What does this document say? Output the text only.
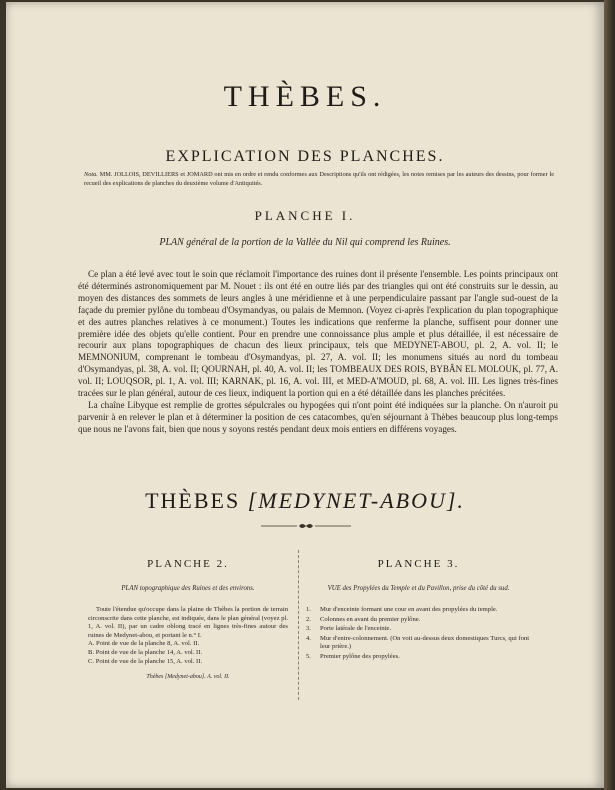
THÈBES.
EXPLICATION DES PLANCHES.
Nota. MM. JOLLOIS, DEVILLIERS et JOMARD ont mis en ordre et rendu conformes aux Descriptions qu'ils ont rédigées, les notes remises par les auteurs des dessins, pour former le recueil des explications de planches du deuxième volume d'Antiquités.
PLANCHE I.
PLAN général de la portion de la Vallée du Nil qui comprend les Ruines.

Ce plan a été levé avec tout le soin que réclamoit l'importance des ruines dont il présente l'ensemble. Les points principaux ont été déterminés astronomiquement par M. Nouet : ils ont été en outre liés par des triangles qui ont été construits sur le dessin, au moyen des distances des sommets de leurs angles à une méridienne et à une perpendiculaire passant par l'angle sud-ouest de la façade du premier pylône du tombeau d'Osymandyas, ou palais de Memnon. (Voyez ci-après l'explication du plan topographique et des autres planches relatives à ce monument.) Toutes les indications que renferme la planche, suffisent pour donner une première idée des objets qu'elle contient. Pour en prendre une connoissance plus ample et plus détaillée, il est nécessaire de recourir aux plans topographiques de chacun des lieux principaux, tels que MEDYNET-ABOU, pl. 2, A. vol. II; le MEMNONIUM, comprenant le tombeau d'Osymandyas, pl. 27, A. vol. II; les monumens situés au nord du tombeau d'Osymandyas, pl. 38, A. vol. II; QOURNAH, pl. 40, A. vol. II; les TOMBEAUX DES ROIS, BYBÂN EL MOLOUK, pl. 77, A. vol. II; LOUQSOR, pl. 1, A. vol. III; KARNAK, pl. 16, A. vol. III, et MED-A'MOUD, pl. 68, A. vol. III. Les lignes très-fines tracées sur le plan général, autour de ces lieux, indiquent la portion qui en a été détaillée dans les planches précitées.

La chaîne Libyque est remplie de grottes sépulcrales ou hypogées qui n'ont point été indiquées sur la planche. On n'auroit pu parvenir à en relever le plan et à déterminer la position de ces catacombes, qu'en séjournant à Thèbes beaucoup plus long-temps que nous ne l'avons fait, bien que nous y soyons restés pendant deux mois entiers en différens voyages.

THÈBES [MEDYNET-ABOU].
PLANCHE 2.
PLAN topographique des Ruines et des environs.

Toute l'étendue qu'occupe dans la plaine de Thèbes la portion de terrain circonscrite dans cette planche, est indiquée, dans le plan général (voyez pl. 1, A. vol. II), par un cadre oblong tracé en lignes très-fines autour des ruines de Medynet-abou, et portant le n.° I.

A. Point de vue de la planche 8, A. vol. II.

B. Point de vue de la planche 14, A. vol. II.

C. Point de vue de la planche 15, A. vol. II.

Thèbes [Medynet-abou]. A. vol. II.
PLANCHE 3.
VUE des Propylées du Temple et du Pavillon, prise du côté du sud.
1.	Mur d'enceinte formant une cour en avant des propylées du temple.
2.	Colonnes en avant du premier pylône.
3.	Porte latérale de l'enceinte.
4.	Mur d'entre-colonnement. (On voit au-dessus deux domestiques Turcs, qui font leur prière.)
5.	Premier pylône des propylées.
